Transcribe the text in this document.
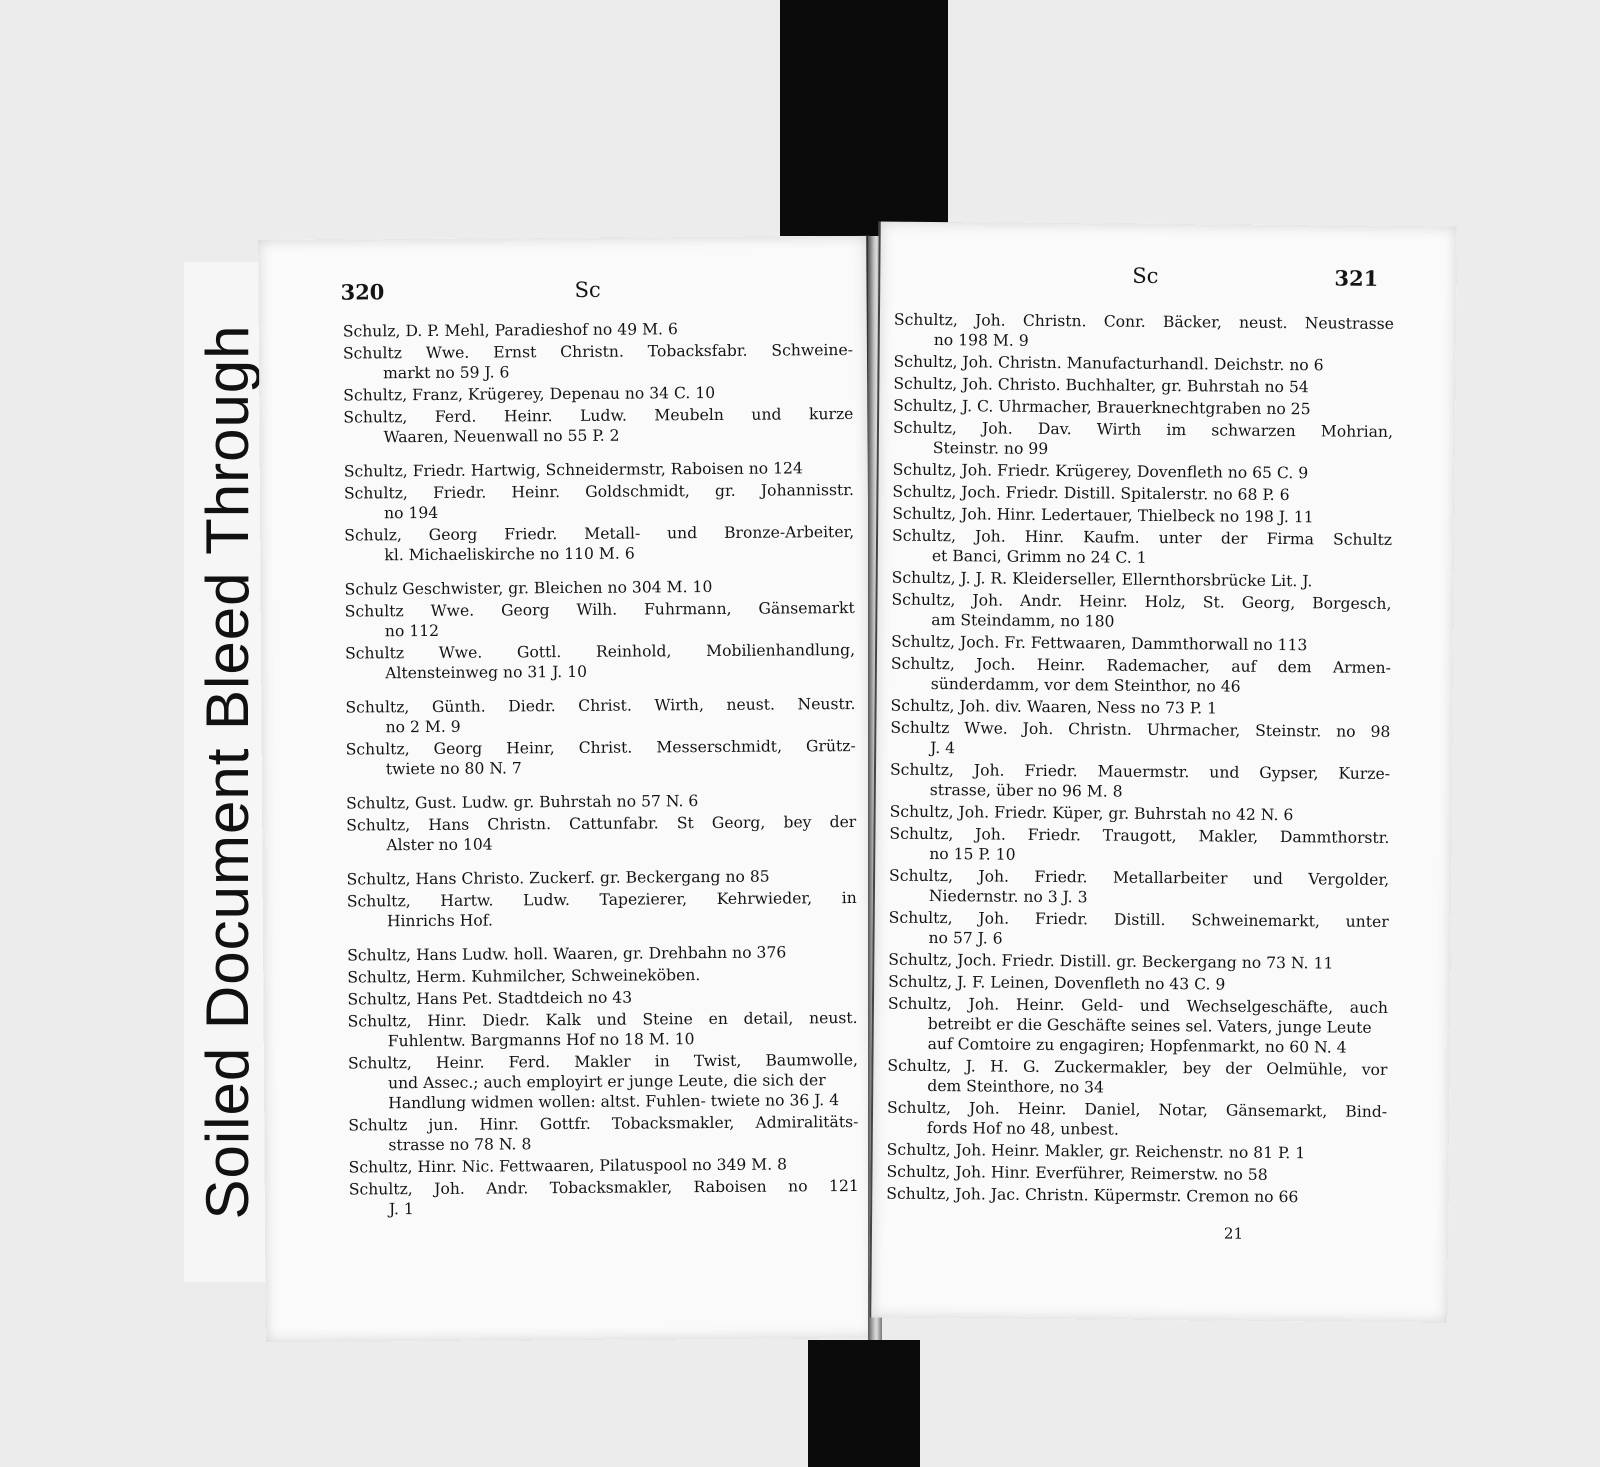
Soiled Document Bleed Through
320	Sc
Schulz, D. P. Mehl, Paradieshof no 49 M. 6
Schultz Wwe. Ernst Christn. Tobacksfabr. Schweine-
markt no 59 J. 6
Schultz, Franz, Krügerey, Depenau no 34 C. 10
Schultz, Ferd. Heinr. Ludw. Meubeln und kurze
Waaren, Neuenwall no 55 P. 2
Schultz, Friedr. Hartwig, Schneidermstr, Raboisen no 124
Schultz, Friedr. Heinr. Goldschmidt, gr. Johannisstr.
no 194
Schulz, Georg Friedr. Metall- und Bronze-Arbeiter,
kl. Michaeliskirche no 110 M. 6
Schulz Geschwister, gr. Bleichen no 304 M. 10
Schultz Wwe. Georg Wilh. Fuhrmann, Gänsemarkt
no 112
Schultz Wwe. Gottl. Reinhold, Mobilienhandlung,
Altensteinweg no 31 J. 10
Schultz, Günth. Diedr. Christ. Wirth, neust. Neustr.
no 2 M. 9
Schultz, Georg Heinr, Christ. Messerschmidt, Grütz-
twiete no 80 N. 7
Schultz, Gust. Ludw. gr. Buhrstah no 57 N. 6
Schultz, Hans Christn. Cattunfabr. St Georg, bey der
Alster no 104
Schultz, Hans Christo. Zuckerf. gr. Beckergang no 85
Schultz, Hartw. Ludw. Tapezierer, Kehrwieder, in
Hinrichs Hof.
Schultz, Hans Ludw. holl. Waaren, gr. Drehbahn no 376
Schultz, Herm. Kuhmilcher, Schweineköben.
Schultz, Hans Pet. Stadtdeich no 43
Schultz, Hinr. Diedr. Kalk und Steine en detail, neust.
Fuhlentw. Bargmanns Hof no 18 M. 10
Schultz, Heinr. Ferd. Makler in Twist, Baumwolle,
und Assec.; auch employirt er junge Leute, die sich der Handlung widmen wollen: altst. Fuhlen- twiete no 36 J. 4
Schultz jun. Hinr. Gottfr. Tobacksmakler, Admiralitäts-
strasse no 78 N. 8
Schultz, Hinr. Nic. Fettwaaren, Pilatuspool no 349 M. 8
Schultz, Joh. Andr. Tobacksmakler, Raboisen no 121
J. 1
Sc	321
Schultz, Joh. Christn. Conr. Bäcker, neust. Neustrasse
no 198 M. 9
Schultz, Joh. Christn. Manufacturhandl. Deichstr. no 6
Schultz, Joh. Christo. Buchhalter, gr. Buhrstah no 54
Schultz, J. C. Uhrmacher, Brauerknechtgraben no 25
Schultz, Joh. Dav. Wirth im schwarzen Mohrian,
Steinstr. no 99
Schultz, Joh. Friedr. Krügerey, Dovenfleth no 65 C. 9
Schultz, Joch. Friedr. Distill. Spitalerstr. no 68 P. 6
Schultz, Joh. Hinr. Ledertauer, Thielbeck no 198 J. 11
Schultz, Joh. Hinr. Kaufm. unter der Firma Schultz
et Banci, Grimm no 24 C. 1
Schultz, J. J. R. Kleiderseller, Ellernthorsbrücke Lit. J.
Schultz, Joh. Andr. Heinr. Holz, St. Georg, Borgesch,
am Steindamm, no 180
Schultz, Joch. Fr. Fettwaaren, Dammthorwall no 113
Schultz, Joch. Heinr. Rademacher, auf dem Armen-
sünderdamm, vor dem Steinthor, no 46
Schultz, Joh. div. Waaren, Ness no 73 P. 1
Schultz Wwe. Joh. Christn. Uhrmacher, Steinstr. no 98
J. 4
Schultz, Joh. Friedr. Mauermstr. und Gypser, Kurze-
strasse, über no 96 M. 8
Schultz, Joh. Friedr. Küper, gr. Buhrstah no 42 N. 6
Schultz, Joh. Friedr. Traugott, Makler, Dammthorstr.
no 15 P. 10
Schultz, Joh. Friedr. Metallarbeiter und Vergolder,
Niedernstr. no 3 J. 3
Schultz, Joh. Friedr. Distill. Schweinemarkt, unter
no 57 J. 6
Schultz, Joch. Friedr. Distill. gr. Beckergang no 73 N. 11
Schultz, J. F. Leinen, Dovenfleth no 43 C. 9
Schultz, Joh. Heinr. Geld- und Wechselgeschäfte, auch
betreibt er die Geschäfte seines sel. Vaters, junge Leute auf Comtoire zu engagiren; Hopfenmarkt, no 60 N. 4
Schultz, J. H. G. Zuckermakler, bey der Oelmühle, vor
dem Steinthore, no 34
Schultz, Joh. Heinr. Daniel, Notar, Gänsemarkt, Bind-
fords Hof no 48, unbest.
Schultz, Joh. Heinr. Makler, gr. Reichenstr. no 81 P. 1
Schultz, Joh. Hinr. Everführer, Reimerstw. no 58
Schultz, Joh. Jac. Christn. Küpermstr. Cremon no 66
21
